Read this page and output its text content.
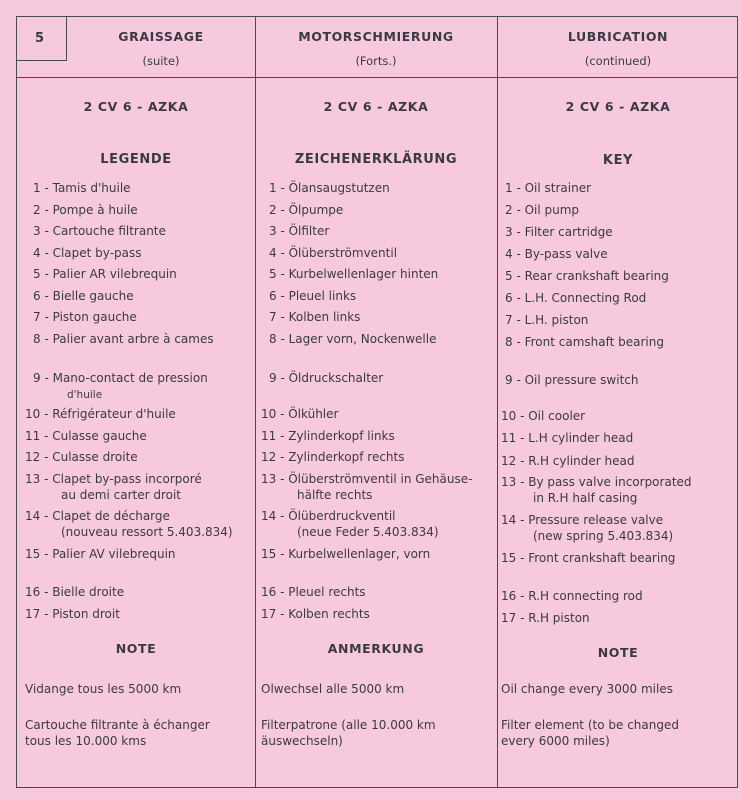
5	GRAISSAGE
(suite)
2 CV 6 - AZKA
LEGENDE
1 - Tamis d'huile
2 - Pompe à huile
3 - Cartouche filtrante
4 - Clapet by-pass
5 - Palier AR vilebrequin
6 - Bielle gauche
7 - Piston gauche
8 - Palier avant arbre à cames
9 - Mano-contact de pression
d'huile
10 - Réfrigérateur d'huile
11 - Culasse gauche
12 - Culasse droite
13 - Clapet by-pass incorporé
au demi carter droit
14 - Clapet de décharge
(nouveau ressort 5.403.834)
15 - Palier AV vilebrequin
16 - Bielle droite
17 - Piston droit
NOTE
Vidange tous les 5000 km
Cartouche filtrante à échanger
tous les 10.000 kms
MOTORSCHMIERUNG
(Forts.)
2 CV 6 - AZKA
ZEICHENERKLÄRUNG
1 - Ölansaugstutzen
2 - Ölpumpe
3 - Ölfilter
4 - Ölüberströmventil
5 - Kurbelwellenlager hinten
6 - Pleuel links
7 - Kolben links
8 - Lager vorn, Nockenwelle
9 - Öldruckschalter
10 - Ölkühler
11 - Zylinderkopf links
12 - Zylinderkopf rechts
13 - Ölüberströmventil in Gehäuse-
hälfte rechts
14 - Ölüberdruckventil
(neue Feder 5.403.834)
15 - Kurbelwellenlager, vorn
16 - Pleuel rechts
17 - Kolben rechts
ANMERKUNG
Olwechsel alle 5000 km
Filterpatrone (alle 10.000 km
äuswechseln)
LUBRICATION
(continued)
2 CV 6 - AZKA
KEY
1 - Oil strainer
2 - Oil pump
3 - Filter cartridge
4 - By-pass valve
5 - Rear crankshaft bearing
6 - L.H. Connecting Rod
7 - L.H. piston
8 - Front camshaft bearing
9 - Oil pressure switch
10 - Oil cooler
11 - L.H cylinder head
12 - R.H cylinder head
13 - By pass valve incorporated
in R.H half casing
14 - Pressure release valve
(new spring 5.403.834)
15 - Front crankshaft bearing
16 - R.H connecting rod
17 - R.H piston
NOTE
Oil change every 3000 miles
Filter element (to be changed
every 6000 miles)
